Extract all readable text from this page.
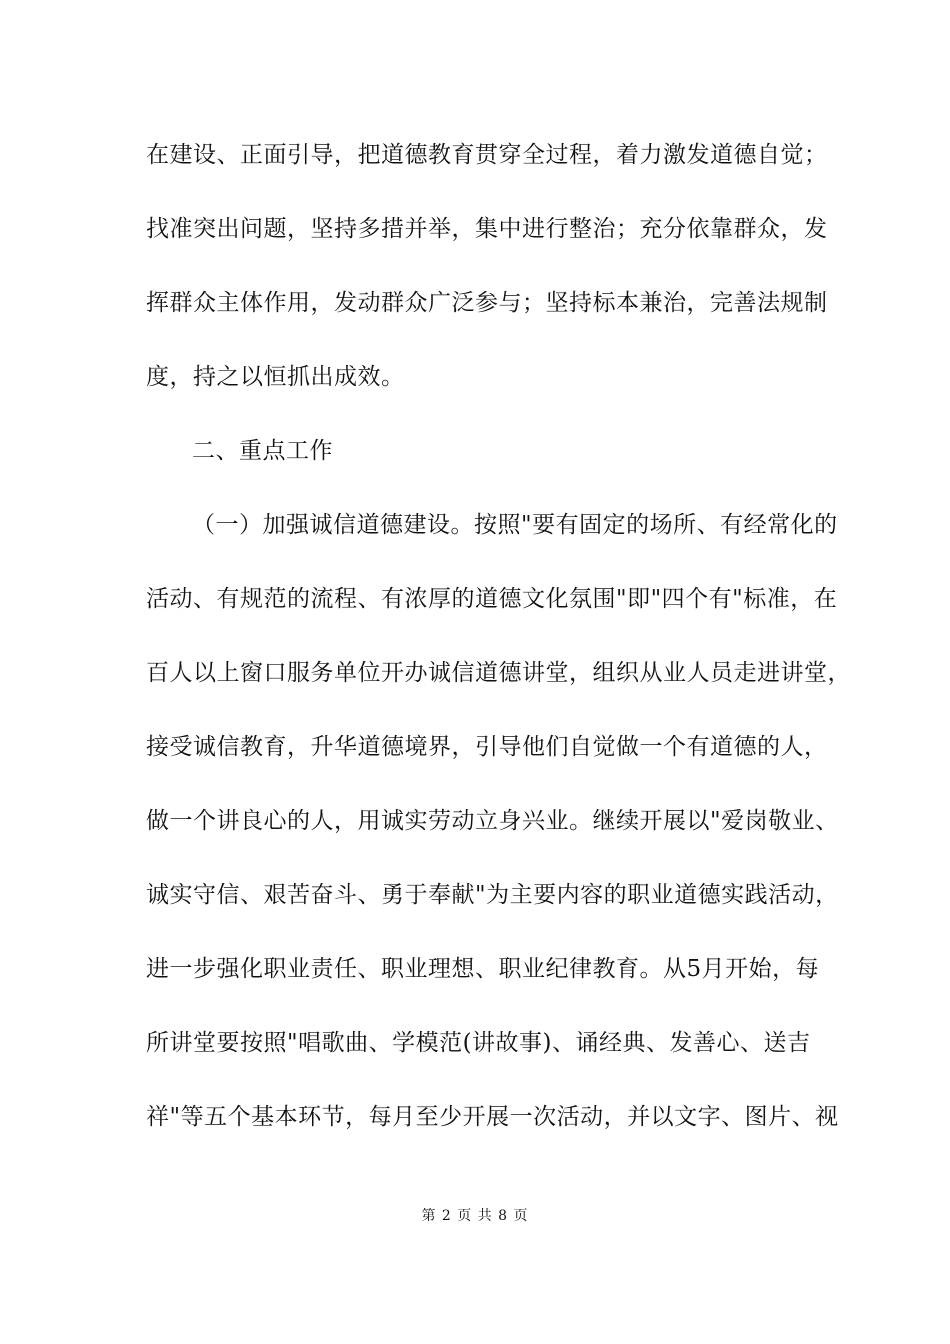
在建设、正面引导，把道德教育贯穿全过程，着力激发道德自觉；
找准突出问题，坚持多措并举，集中进行整治；充分依靠群众，发
挥群众主体作用，发动群众广泛参与；坚持标本兼治，完善法规制
度，持之以恒抓出成效。
二、重点工作
（一）加强诚信道德建设。按照"要有固定的场所、有经常化的
活动、有规范的流程、有浓厚的道德文化氛围"即"四个有"标准，在
百人以上窗口服务单位开办诚信道德讲堂，组织从业人员走进讲堂，
接受诚信教育，升华道德境界，引导他们自觉做一个有道德的人，
做一个讲良心的人，用诚实劳动立身兴业。继续开展以"爱岗敬业、
诚实守信、艰苦奋斗、勇于奉献"为主要内容的职业道德实践活动，
进一步强化职业责任、职业理想、职业纪律教育。从5月开始，每
所讲堂要按照"唱歌曲、学模范(讲故事)、诵经典、发善心、送吉
祥"等五个基本环节，每月至少开展一次活动，并以文字、图片、视
第 2 页 共 8 页
